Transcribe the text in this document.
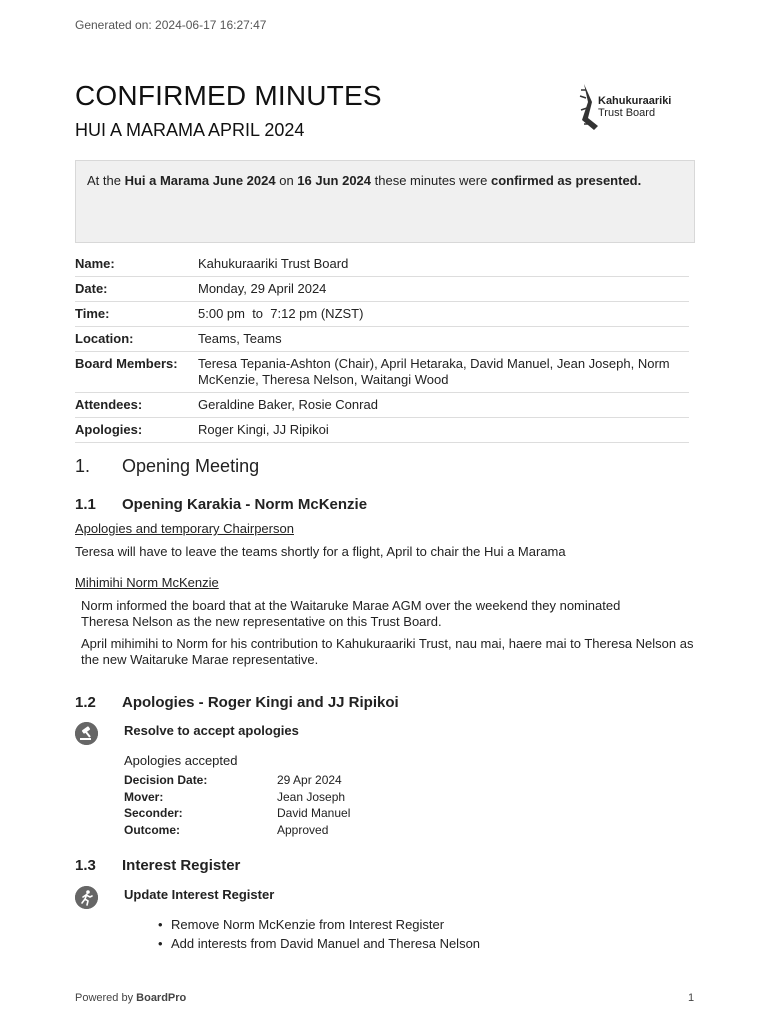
Generated on: 2024-06-17 16:27:47
CONFIRMED MINUTES
HUI A MARAMA APRIL 2024
Kahukuraariki
Trust Board
At the Hui a Marama June 2024 on 16 Jun 2024 these minutes were confirmed as presented.
Name:	Kahukuraariki Trust Board
Date:	Monday, 29 April 2024
Time:	5:00 pm  to  7:12 pm (NZST)
Location:	Teams, Teams
Board Members:	Teresa Tepania-Ashton (Chair), April Hetaraka, David Manuel, Jean Joseph, Norm McKenzie, Theresa Nelson, Waitangi Wood
Attendees:	Geraldine Baker, Rosie Conrad
Apologies:	Roger Kingi, JJ Ripikoi
1. Opening Meeting
1.1 Opening Karakia - Norm McKenzie
Apologies and temporary Chairperson
Teresa will have to leave the teams shortly for a flight, April to chair the Hui a Marama
Mihimihi Norm McKenzie
Norm informed the board that at the Waitaruke Marae AGM over the weekend they nominated Theresa Nelson as the new representative on this Trust Board.
April mihimihi to Norm for his contribution to Kahukuraariki Trust, nau mai, haere mai to Theresa Nelson as the new Waitaruke Marae representative.
1.2 Apologies - Roger Kingi and JJ Ripikoi
Resolve to accept apologies
Apologies accepted
Decision Date:	29 Apr 2024
Mover:	Jean Joseph
Seconder:	David Manuel
Outcome:	Approved
1.3 Interest Register
Update Interest Register
• Remove Norm McKenzie from Interest Register
• Add interests from David Manuel and Theresa Nelson
Powered by BoardPro	1
